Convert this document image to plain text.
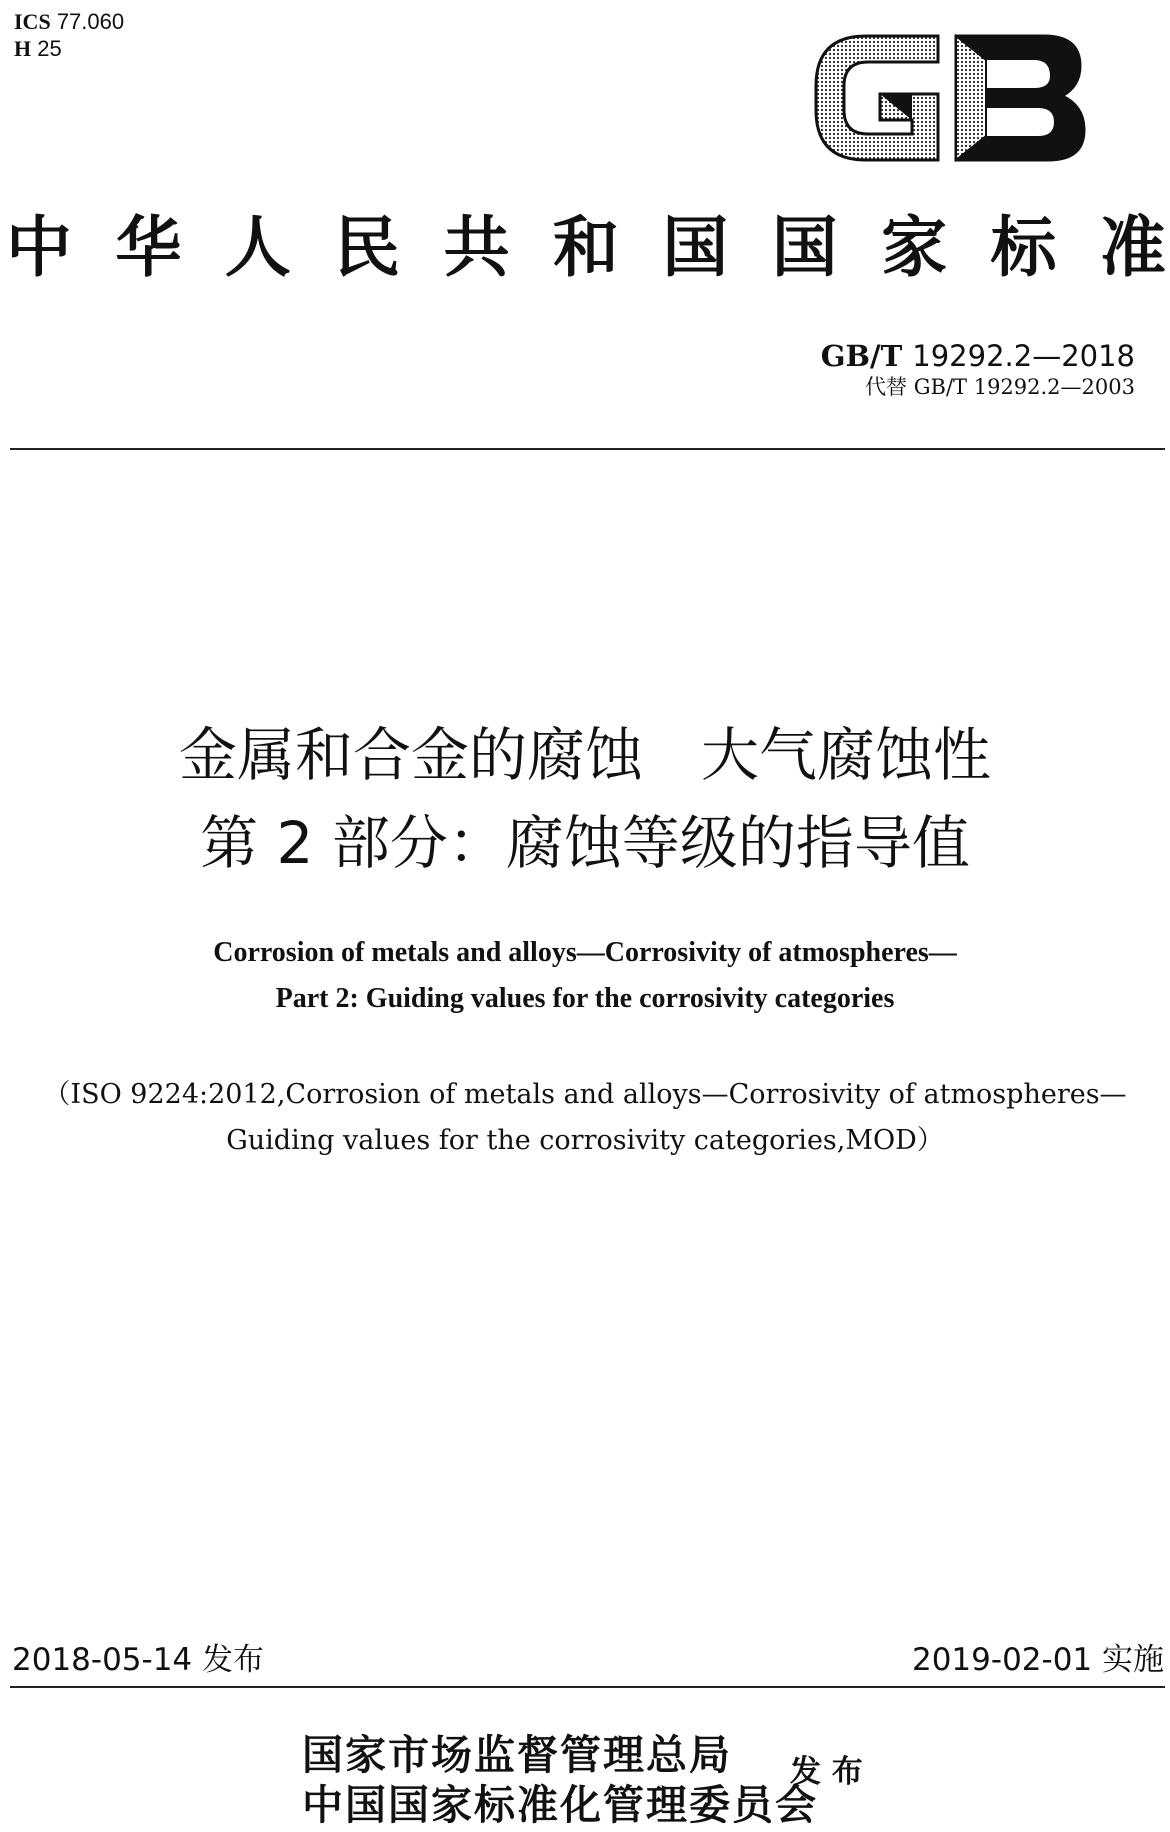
ICS 77.060
H 25
中 华 人 民 共 和 国 国 家 标 准
GB/T 19292.2—2018
代替 GB/T 19292.2—2003
金属和合金的腐蚀　大气腐蚀性
第 2 部分：腐蚀等级的指导值
Corrosion of metals and alloys—Corrosivity of atmospheres—
Part 2: Guiding values for the corrosivity categories
（ISO 9224:2012,Corrosion of metals and alloys—Corrosivity of atmospheres—
Guiding values for the corrosivity categories,MOD）
2018-05-14 发布	2019-02-01 实施
国家市场监督管理总局
中国国家标准化管理委员会
发 布
